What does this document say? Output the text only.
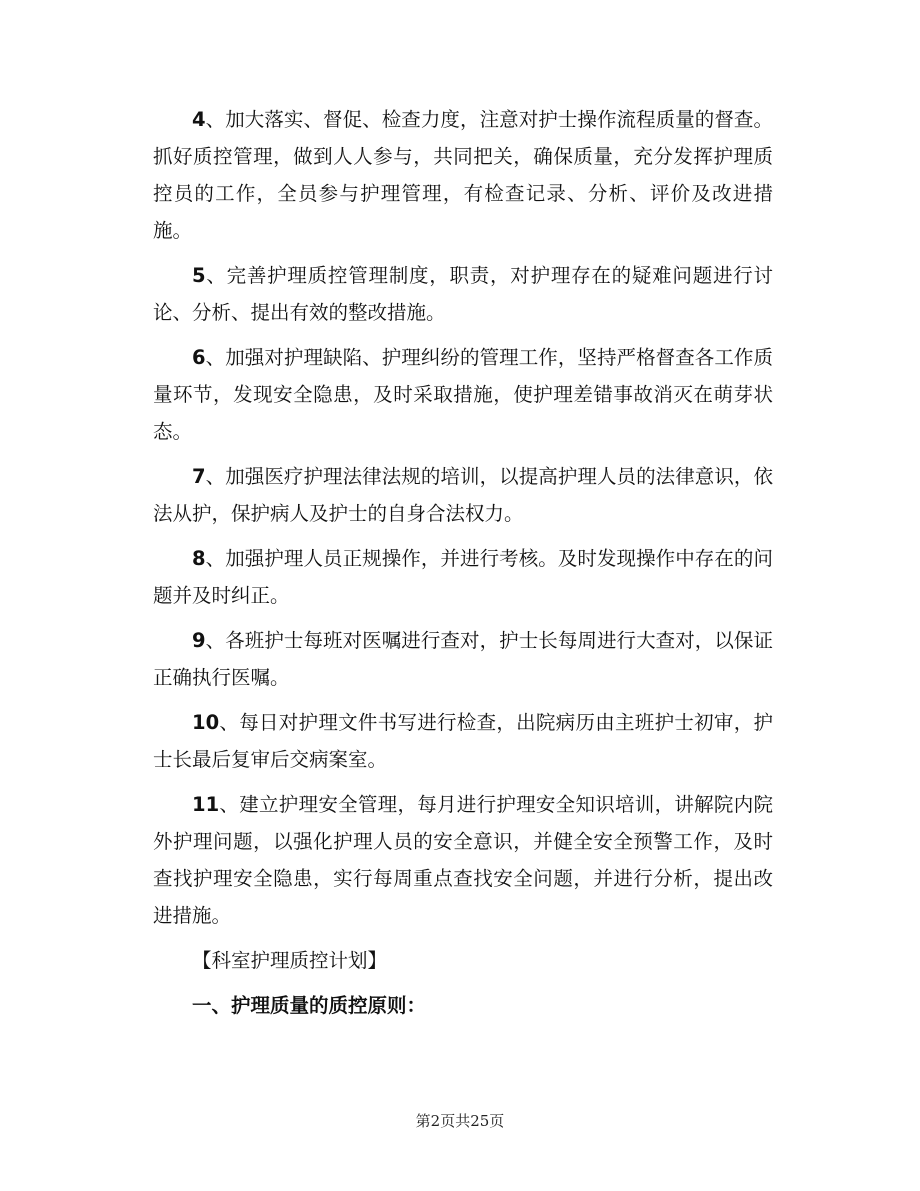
4、加大落实、督促、检查力度，注意对护士操作流程质量的督查。抓好质控管理，做到人人参与，共同把关，确保质量，充分发挥护理质控员的工作，全员参与护理管理，有检查记录、分析、评价及改进措施。

5、完善护理质控管理制度，职责，对护理存在的疑难问题进行讨论、分析、提出有效的整改措施。

6、加强对护理缺陷、护理纠纷的管理工作，坚持严格督查各工作质量环节，发现安全隐患，及时采取措施，使护理差错事故消灭在萌芽状态。

7、加强医疗护理法律法规的培训，以提高护理人员的法律意识，依法从护，保护病人及护士的自身合法权力。

8、加强护理人员正规操作，并进行考核。及时发现操作中存在的问题并及时纠正。

9、各班护士每班对医嘱进行查对，护士长每周进行大查对，以保证正确执行医嘱。

10、每日对护理文件书写进行检查，出院病历由主班护士初审，护士长最后复审后交病案室。

11、建立护理安全管理，每月进行护理安全知识培训，讲解院内院外护理问题，以强化护理人员的安全意识，并健全安全预警工作，及时查找护理安全隐患，实行每周重点查找安全问题，并进行分析，提出改进措施。

【科室护理质控计划】

一、护理质量的质控原则：

第2页共25页
